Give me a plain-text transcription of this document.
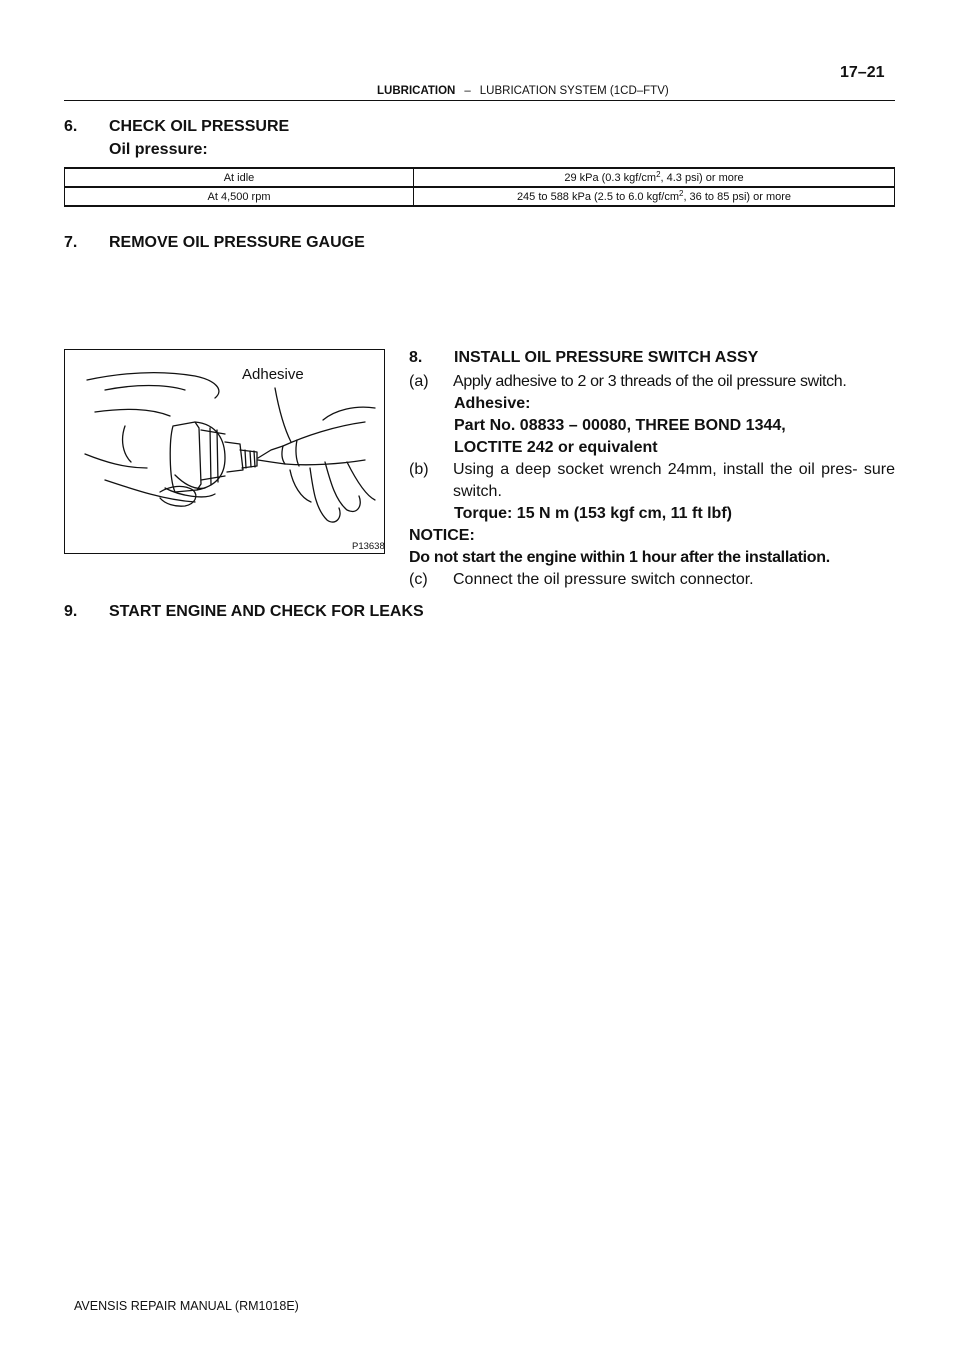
17–21
LUBRICATION – LUBRICATION SYSTEM (1CD–FTV)
6. CHECK OIL PRESSURE
Oil pressure:
At idle	29 kPa (0.3 kgf/$cm^2$, 4.3 psi) or more
At 4,500 rpm	245 to 588 kPa (2.5 to 6.0 kgf/$cm^2$, 36 to 85 psi) or more
7. REMOVE OIL PRESSURE GAUGE
Adhesive
P13638
8. INSTALL OIL PRESSURE SWITCH ASSY
(a)	Apply adhesive to 2 or 3 threads of the oil pressure switch.
Adhesive:
Part No. 08833 – 00080, THREE BOND 1344,
LOCTITE 242 or equivalent
(b)	Using a deep socket wrench 24mm, install the oil pres- sure switch.
Torque: 15 N m (153 kgf cm, 11 ft lbf)
NOTICE:
Do not start the engine within 1 hour after the installation.
(c)	Connect the oil pressure switch connector.
9. START ENGINE AND CHECK FOR LEAKS
AVENSIS REPAIR MANUAL (RM1018E)
